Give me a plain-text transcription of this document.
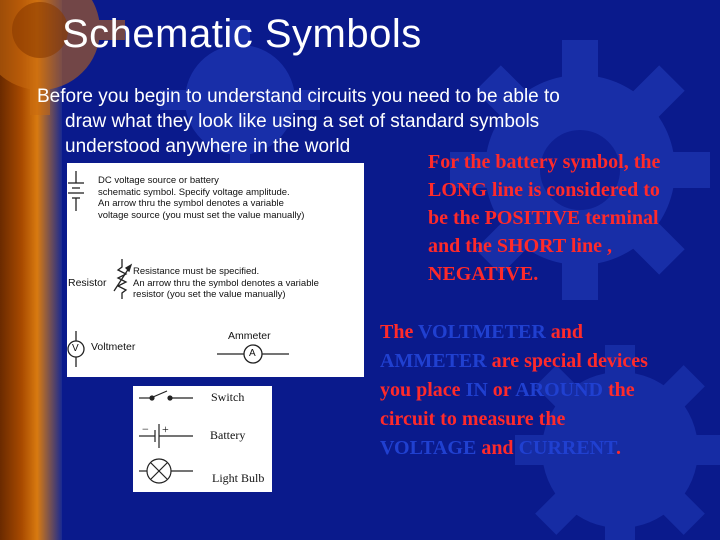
Schematic Symbols
Before you begin to understand circuits you need to be able to
draw what they look like using a set of standard symbols
understood anywhere in the world
For the battery symbol, the
LONG line is considered to
be the POSITIVE terminal
and the SHORT line ,
NEGATIVE.
The VOLTMETER and
AMMETER are special devices
you place IN or AROUND the
circuit to measure the
VOLTAGE and CURRENT.
DC voltage source or battery
schematic symbol. Specify voltage amplitude.
An arrow thru the symbol denotes a variable
voltage source (you must set the value manually)
Resistor
Resistance must be specified.
An arrow thru the symbol denotes a variable
resistor (you set the value manually)
V Voltmeter
Ammeter
A
− +
Switch
Battery
Light Bulb
